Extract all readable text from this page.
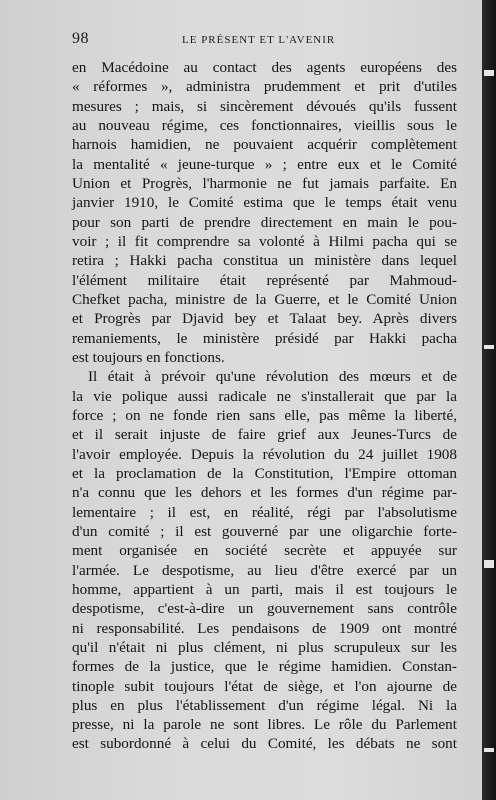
98	LE PRÉSENT ET L'AVENIR
en Macédoine au contact des agents européens des
« réformes », administra prudemment et prit d'utiles
mesures ; mais, si sincèrement dévoués qu'ils fussent
au nouveau régime, ces fonctionnaires, vieillis sous le
harnois hamidien, ne pouvaient acquérir complètement
la mentalité « jeune-turque » ; entre eux et le Comité
Union et Progrès, l'harmonie ne fut jamais parfaite. En
janvier 1910, le Comité estima que le temps était venu
pour son parti de prendre directement en main le pou-
voir ; il fit comprendre sa volonté à Hilmi pacha qui se
retira ; Hakki pacha constitua un ministère dans lequel
l'élément militaire était représenté par Mahmoud-
Chefket pacha, ministre de la Guerre, et le Comité Union
et Progrès par Djavid bey et Talaat bey. Après divers
remaniements, le ministère présidé par Hakki pacha
est toujours en fonctions.
Il était à prévoir qu'une révolution des mœurs et de
la vie polique aussi radicale ne s'installerait que par la
force ; on ne fonde rien sans elle, pas même la liberté,
et il serait injuste de faire grief aux Jeunes-Turcs de
l'avoir employée. Depuis la révolution du 24 juillet 1908
et la proclamation de la Constitution, l'Empire ottoman
n'a connu que les dehors et les formes d'un régime par-
lementaire ; il est, en réalité, régi par l'absolutisme
d'un comité ; il est gouverné par une oligarchie forte-
ment organisée en société secrète et appuyée sur
l'armée. Le despotisme, au lieu d'être exercé par un
homme, appartient à un parti, mais il est toujours le
despotisme, c'est-à-dire un gouvernement sans contrôle
ni responsabilité. Les pendaisons de 1909 ont montré
qu'il n'était ni plus clément, ni plus scrupuleux sur les
formes de la justice, que le régime hamidien. Constan-
tinople subit toujours l'état de siège, et l'on ajourne de
plus en plus l'établissement d'un régime légal. Ni la
presse, ni la parole ne sont libres. Le rôle du Parlement
est subordonné à celui du Comité, les débats ne sont
